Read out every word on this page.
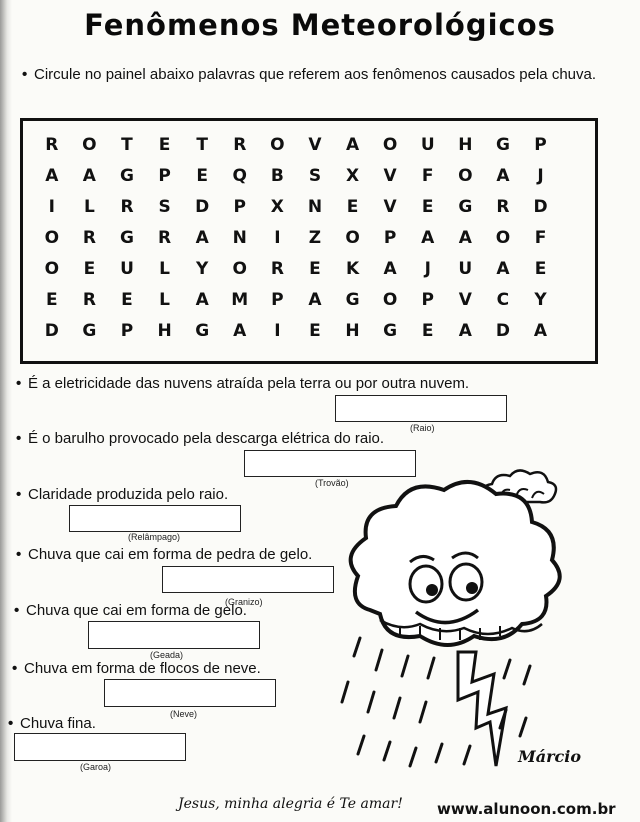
Fenômenos Meteorológicos
• Circule no painel abaixo palavras que referem aos fenômenos causados pela chuva.
R	O	T	E	T	R	O	V	A	O	U	H	G	P
A	A	G	P	E	Q	B	S	X	V	F	O	A	J
I	L	R	S	D	P	X	N	E	V	E	G	R	D
O	R	G	R	A	N	I	Z	O	P	A	A	O	F
O	E	U	L	Y	O	R	E	K	A	J	U	A	E
E	R	E	L	A	M	P	A	G	O	P	V	C	Y
D	G	P	H	G	A	I	E	H	G	E	A	D	A
• É a eletricidade das nuvens atraída pela terra ou por outra nuvem.
(Raio)
• É o barulho provocado pela descarga elétrica do raio.
(Trovão)
• Claridade produzida pelo raio.
(Relâmpago)
• Chuva que cai em forma de pedra de gelo.
(Granizo)
• Chuva que cai em forma de gelo.
(Geada)
• Chuva em forma de flocos de neve.
(Neve)
• Chuva fina.
(Garoa)
Márcio
Jesus, minha alegria é Te amar! www.alunoon.com.br
